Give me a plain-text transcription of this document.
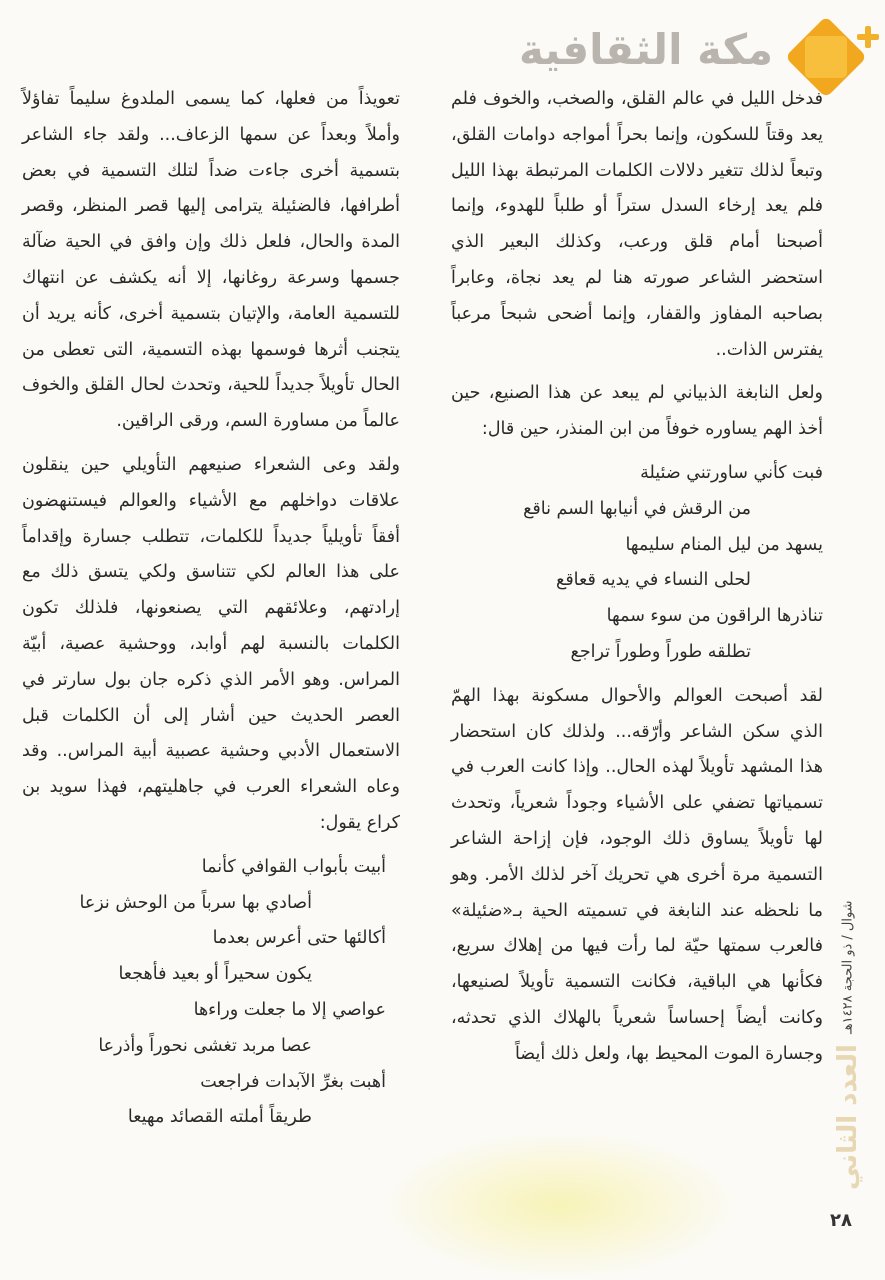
مكة الثقافية

فدخل الليل في عالم القلق، والصخب، والخوف فلم يعد وقتاً للسكون، وإنما بحراً أمواجه دوامات القلق، وتبعاً لذلك تتغير دلالات الكلمات المرتبطة بهذا الليل فلم يعد إرخاء السدل ستراً أو طلباً للهدوء، وإنما أصبحنا أمام قلق ورعب، وكذلك البعير الذي استحضر الشاعر صورته هنا لم يعد نجاة، وعابراً بصاحبه المفاوز والقفار، وإنما أضحى شبحاً مرعباً يفترس الذات..

ولعل النابغة الذبياني لم يبعد عن هذا الصنيع، حين أخذ الهم يساوره خوفاً من ابن المنذر، حين قال:

فبت كأني ساورتني ضئيلة
من الرقش في أنيابها السم ناقع
يسهد من ليل المنام سليمها
لحلى النساء في يديه قعاقع
تناذرها الراقون من سوء سمها
تطلقه طوراً وطوراً تراجع

لقد أصبحت العوالم والأحوال مسكونة بهذا الهمّ الذي سكن الشاعر وأرّقه... ولذلك كان استحضار هذا المشهد تأويلاً لهذه الحال.. وإذا كانت العرب في تسمياتها تضفي على الأشياء وجوداً شعرياً، وتحدث لها تأويلاً يساوق ذلك الوجود، فإن إزاحة الشاعر التسمية مرة أخرى هي تحريك آخر لذلك الأمر. وهو ما نلحظه عند النابغة في تسميته الحية بـ«ضئيلة» فالعرب سمتها حيّة لما رأت فيها من إهلاك سريع، فكأنها هي الباقية، فكانت التسمية تأويلاً لصنيعها، وكانت أيضاً إحساساً شعرياً بالهلاك الذي تحدثه، وجسارة الموت المحيط بها، ولعل ذلك أيضاً

تعويذاً من فعلها، كما يسمى الملدوغ سليماً تفاؤلاً وأملاً وبعداً عن سمها الزعاف... ولقد جاء الشاعر بتسمية أخرى جاءت ضداً لتلك التسمية في بعض أطرافها، فالضئيلة يترامى إليها قصر المنظر، وقصر المدة والحال، فلعل ذلك وإن وافق في الحية ضآلة جسمها وسرعة روغانها، إلا أنه يكشف عن انتهاك للتسمية العامة، والإتيان بتسمية أخرى، كأنه يريد أن يتجنب أثرها فوسمها بهذه التسمية، التى تعطى من الحال تأويلاً جديداً للحية، وتحدث لحال القلق والخوف عالماً من مساورة السم، ورقى الراقين.

ولقد وعى الشعراء صنيعهم التأويلي حين ينقلون علاقات دواخلهم مع الأشياء والعوالم فيستنهضون أفقاً تأويلياً جديداً للكلمات، تتطلب جسارة وإقداماً على هذا العالم لكي تتناسق ولكي يتسق ذلك مع إرادتهم، وعلائقهم التي يصنعونها، فلذلك تكون الكلمات بالنسبة لهم أوابد، ووحشية عصية، أبيّة المراس. وهو الأمر الذي ذكره جان بول سارتر في العصر الحديث حين أشار إلى أن الكلمات قبل الاستعمال الأدبي وحشية عصبية أبية المراس.. وقد وعاه الشعراء العرب في جاهليتهم، فهذا سويد بن كراع يقول:

أبيت بأبواب القوافي كأنما
أصادي بها سرباً من الوحش نزعا
أكالئها حتى أعرس بعدما
يكون سحيراً أو بعيد فأهجعا
عواصي إلا ما جعلت وراءها
عصا مربد تغشى نحوراً وأذرعا
أهبت بغرِّ الآبدات فراجعت
طريقاً أملته القصائد مهيعا	العدد الثاني
شوال / ذو الحجة ١٤٢٨هـ
٢٨
